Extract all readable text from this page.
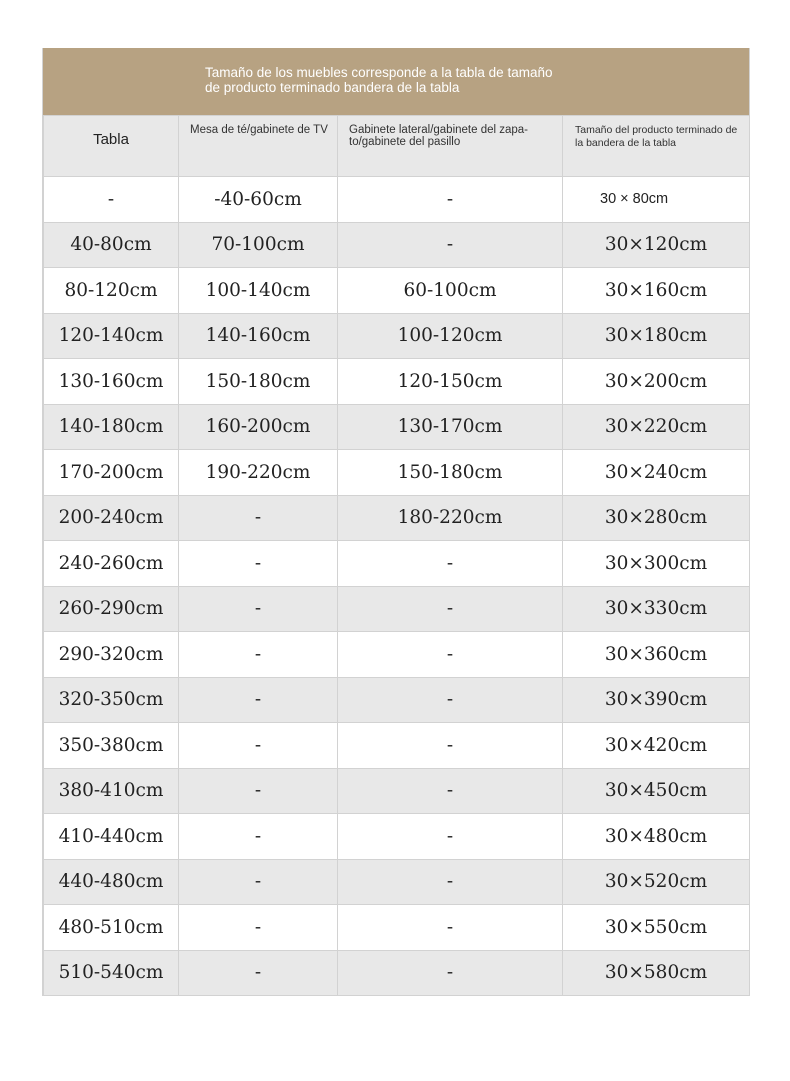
Tamaño de los muebles corresponde a la tabla de tamaño
de producto terminado bandera de la tabla
Tabla	Mesa de té/gabinete de TV	Gabinete lateral/gabinete del zapa-to/gabinete del pasillo	Tamaño del producto terminado de la bandera de la tabla
-	-40-60cm	-	30 × 80cm
40-80cm	70-100cm	-	30×120cm
80-120cm	100-140cm	60-100cm	30×160cm
120-140cm	140-160cm	100-120cm	30×180cm
130-160cm	150-180cm	120-150cm	30×200cm
140-180cm	160-200cm	130-170cm	30×220cm
170-200cm	190-220cm	150-180cm	30×240cm
200-240cm	-	180-220cm	30×280cm
240-260cm	-	-	30×300cm
260-290cm	-	-	30×330cm
290-320cm	-	-	30×360cm
320-350cm	-	-	30×390cm
350-380cm	-	-	30×420cm
380-410cm	-	-	30×450cm
410-440cm	-	-	30×480cm
440-480cm	-	-	30×520cm
480-510cm	-	-	30×550cm
510-540cm	-	-	30×580cm
